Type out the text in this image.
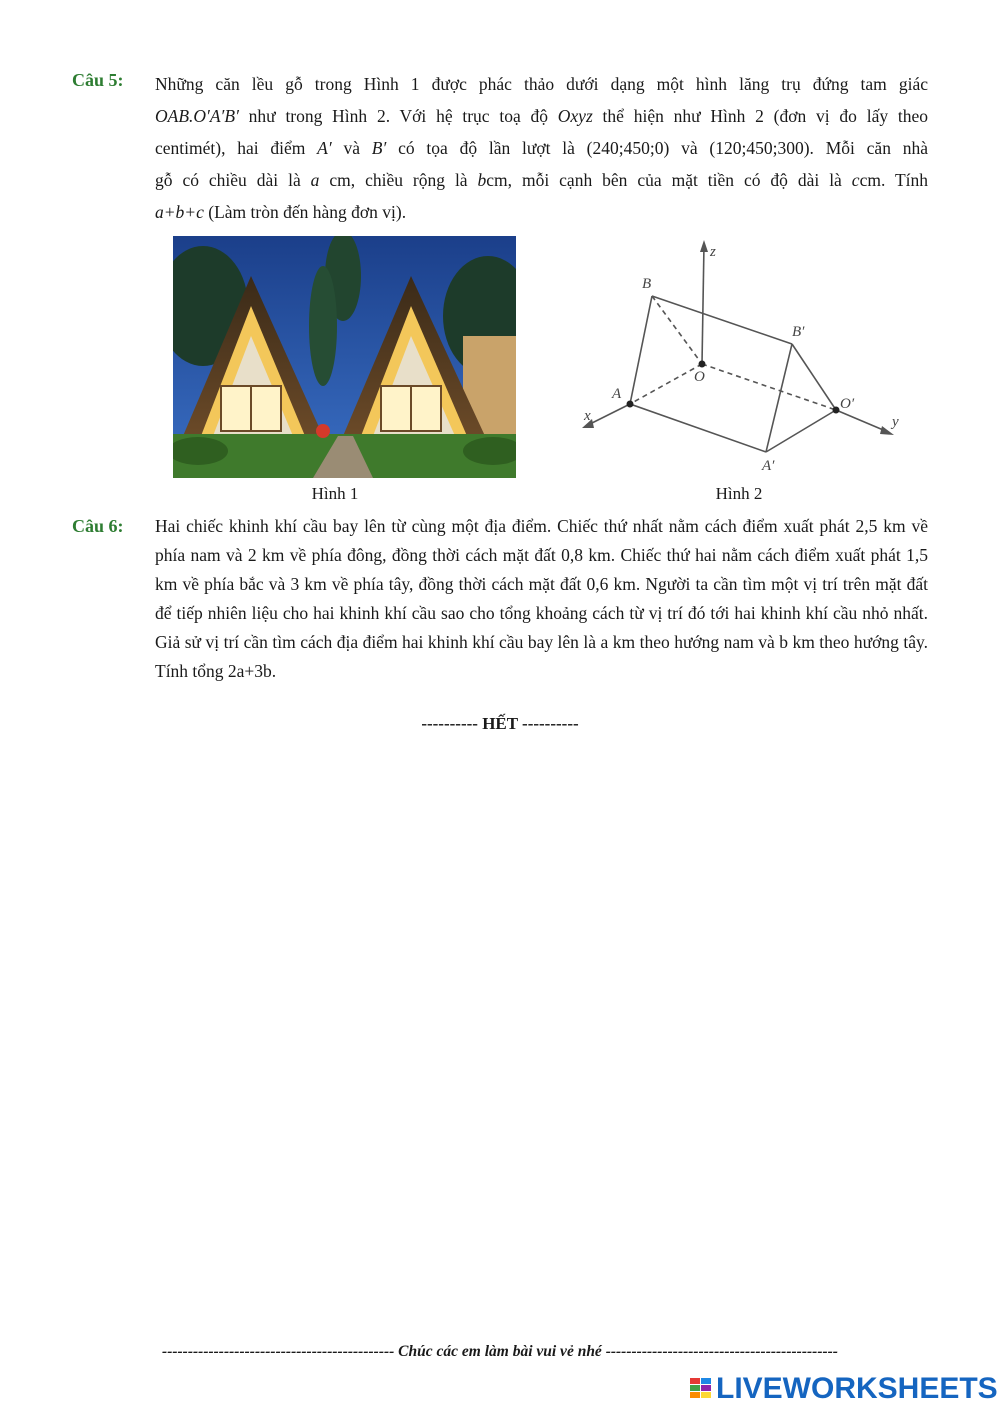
Câu 5: Những căn lều gỗ trong Hình 1 được phác thảo dưới dạng một hình lăng trụ đứng tam giác
OAB.O′A′B′ như trong Hình 2. Với hệ trục toạ độ Oxyz thể hiện như Hình 2 (đơn vị đo lấy theo
centimét), hai điểm A′ và B′ có tọa độ lần lượt là (240;450;0) và (120;450;300). Mỗi căn nhà
gỗ có chiều dài là a cm, chiều rộng là bcm, mỗi cạnh bên của mặt tiền có độ dài là ccm. Tính
a+b+c (Làm tròn đến hàng đơn vị).
Hình 1
z
x	y
B
B′
O
O′
A
A′
Hình 2
Câu 6: Hai chiếc khinh khí cầu bay lên từ cùng một địa điểm. Chiếc thứ nhất nằm cách điểm xuất phát 2,5 km về phía nam và 2 km về phía đông, đồng thời cách mặt đất 0,8 km. Chiếc thứ hai nằm cách điểm xuất phát 1,5 km về phía bắc và 3 km về phía tây, đồng thời cách mặt đất 0,6 km. Người ta cần tìm một vị trí trên mặt đất để tiếp nhiên liệu cho hai khinh khí cầu sao cho tổng khoảng cách từ vị trí đó tới hai khinh khí cầu nhỏ nhất. Giả sử vị trí cần tìm cách địa điểm hai khinh khí cầu bay lên là a km theo hướng nam và b km theo hướng tây. Tính tổng 2a+3b.
---------- HẾT ----------
--------------------------------------------- Chúc các em làm bài vui vẻ nhé ---------------------------------------------
LIVEWORKSHEETS
